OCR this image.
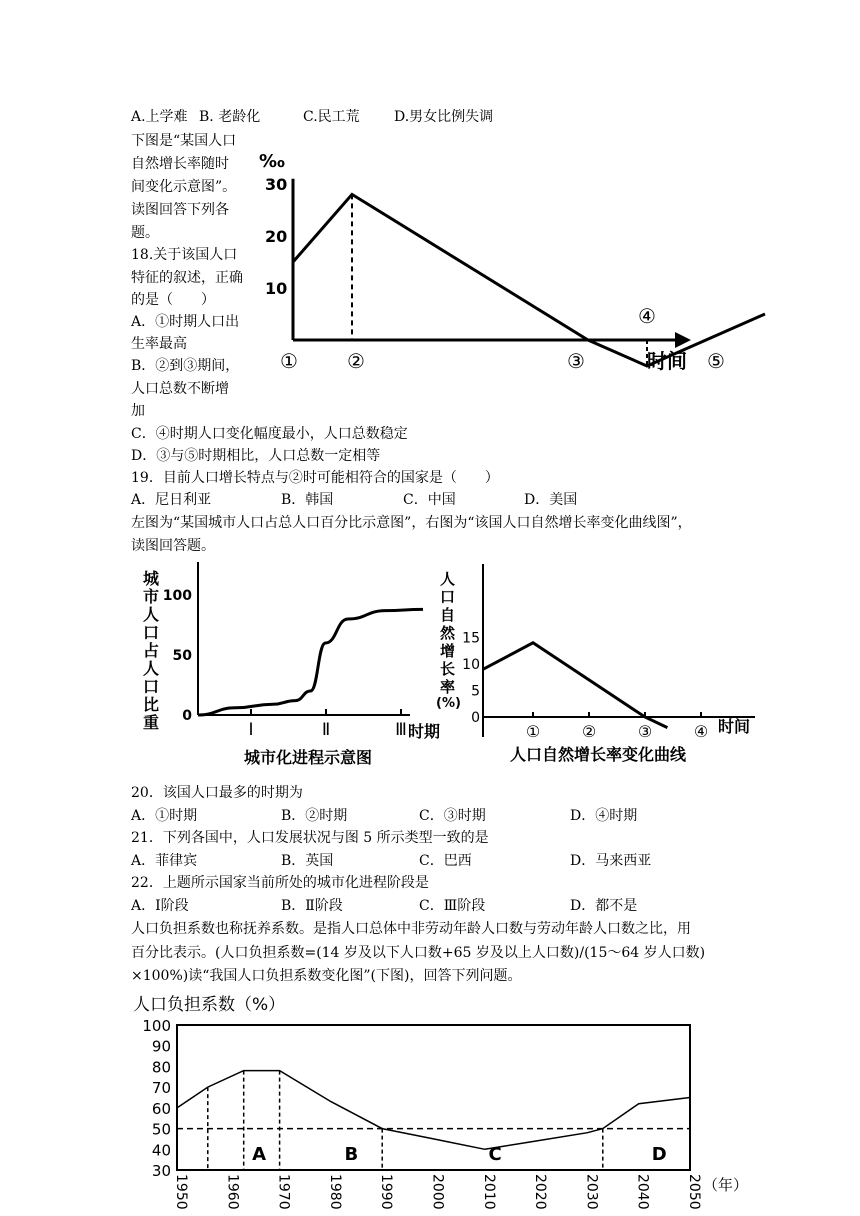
A.上学难 B. 老龄化	C.民工荒 D.男女比例失调
下图是“某国人口
自然增长率随时
间变化示意图”。
读图回答下列各
题。
18.关于该国人口
特征的叙述，正确
的是（　　）
A．①时期人口出
生率最高
B．②到③期间，
人口总数不断增
加
C．④时期人口变化幅度最小，人口总数稳定
D．③与⑤时期相比，人口总数一定相等
19．目前人口增长特点与②时可能相符合的国家是（　　）
A．尼日利亚	B．韩国	C．中国	D．美国
左图为“某国城市人口占总人口百分比示意图”，右图为“该国人口自然增长率变化曲线图”，
读图回答题。
20．该国人口最多的时期为
A．①时期	B．②时期	C．③时期	D．④时期
21．下列各国中，人口发展状况与图 5 所示类型一致的是
A．菲律宾	B．英国	C．巴西	D．马来西亚
22．上题所示国家当前所处的城市化进程阶段是
A．Ⅰ阶段	B．Ⅱ阶段	C．Ⅲ阶段	D．都不是
人口负担系数也称抚养系数。是指人口总体中非劳动年龄人口数与劳动年龄人口数之比，用
百分比表示。(人口负担系数=(14 岁及以下人口数+65 岁及以上人口数)/(15～64 岁人口数)
×100%)读“我国人口负担系数变化图”(下图)，回答下列问题。
‰
10
20
30
① ②	③
④
⑤
时间
城
市
人
口
占
人
口
比
重 0
50
100
Ⅰ	Ⅱ	Ⅲ 时期
城市化进程示意图
人
口
自
然
增
长
率
(%)
0
5
10
15
①	②	③	④ 时间
人口自然增长率变化曲线
人口负担系数（%）
30
40
50
60
70
80
90
100
1950	1960	1970	1980	1990	2000	2010	2020	2030	2040	2050 （年）
A	B	C	D
